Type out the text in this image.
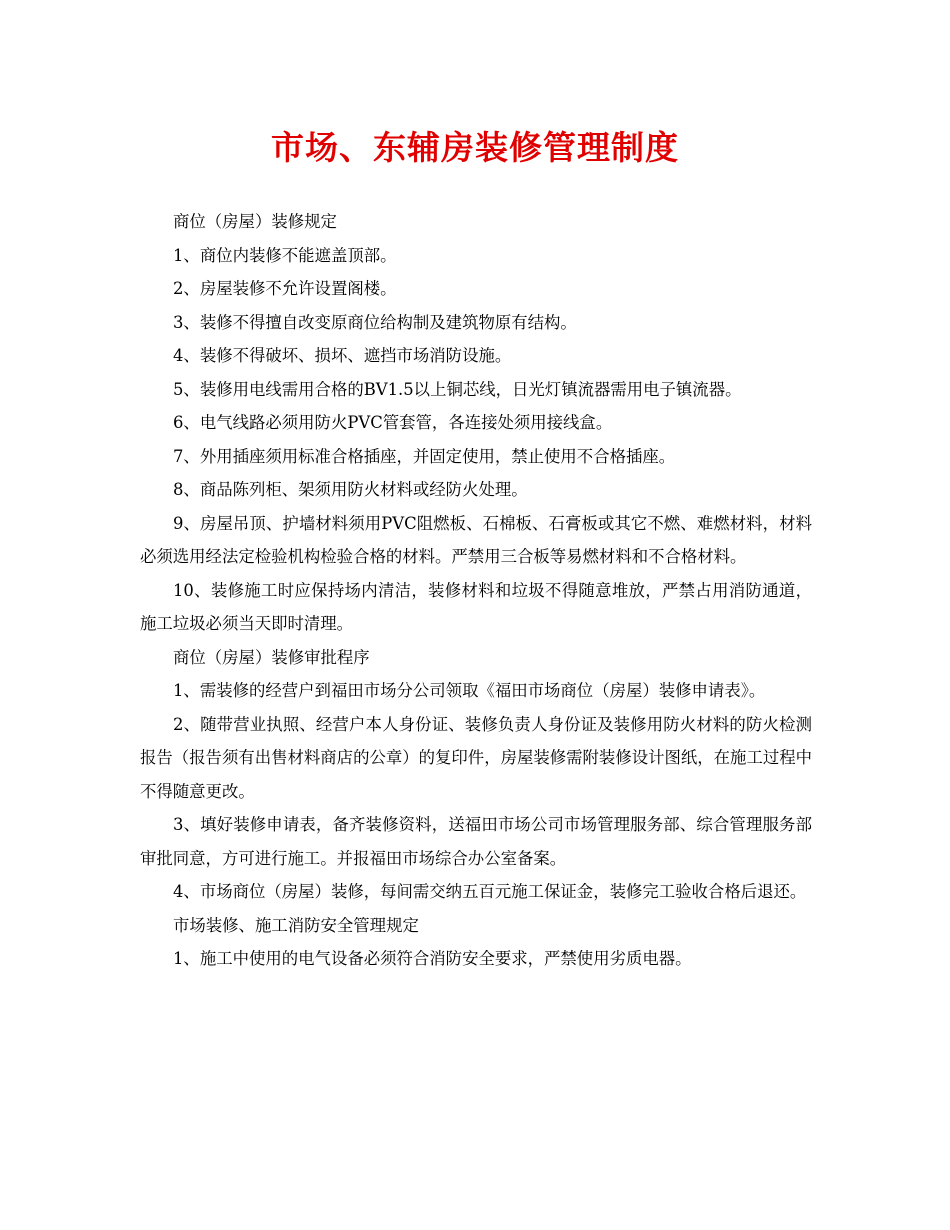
市场、东辅房装修管理制度

商位（房屋）装修规定

1、商位内装修不能遮盖顶部。

2、房屋装修不允许设置阁楼。

3、装修不得擅自改变原商位给构制及建筑物原有结构。

4、装修不得破坏、损坏、遮挡市场消防设施。

5、装修用电线需用合格的BV1.5以上铜芯线，日光灯镇流器需用电子镇流器。

6、电气线路必须用防火PVC管套管，各连接处须用接线盒。

7、外用插座须用标准合格插座，并固定使用，禁止使用不合格插座。

8、商品陈列柜、架须用防火材料或经防火处理。

9、房屋吊顶、护墙材料须用PVC阻燃板、石棉板、石膏板或其它不燃、难燃材料，材料必须选用经法定检验机构检验合格的材料。严禁用三合板等易燃材料和不合格材料。

10、装修施工时应保持场内清洁，装修材料和垃圾不得随意堆放，严禁占用消防通道，施工垃圾必须当天即时清理。

商位（房屋）装修审批程序

1、需装修的经营户到福田市场分公司领取《福田市场商位（房屋）装修申请表》。

2、随带营业执照、经营户本人身份证、装修负责人身份证及装修用防火材料的防火检测报告（报告须有出售材料商店的公章）的复印件，房屋装修需附装修设计图纸，在施工过程中不得随意更改。

3、填好装修申请表，备齐装修资料，送福田市场公司市场管理服务部、综合管理服务部审批同意，方可进行施工。并报福田市场综合办公室备案。

4、市场商位（房屋）装修，每间需交纳五百元施工保证金，装修完工验收合格后退还。

市场装修、施工消防安全管理规定

1、施工中使用的电气设备必须符合消防安全要求，严禁使用劣质电器。
